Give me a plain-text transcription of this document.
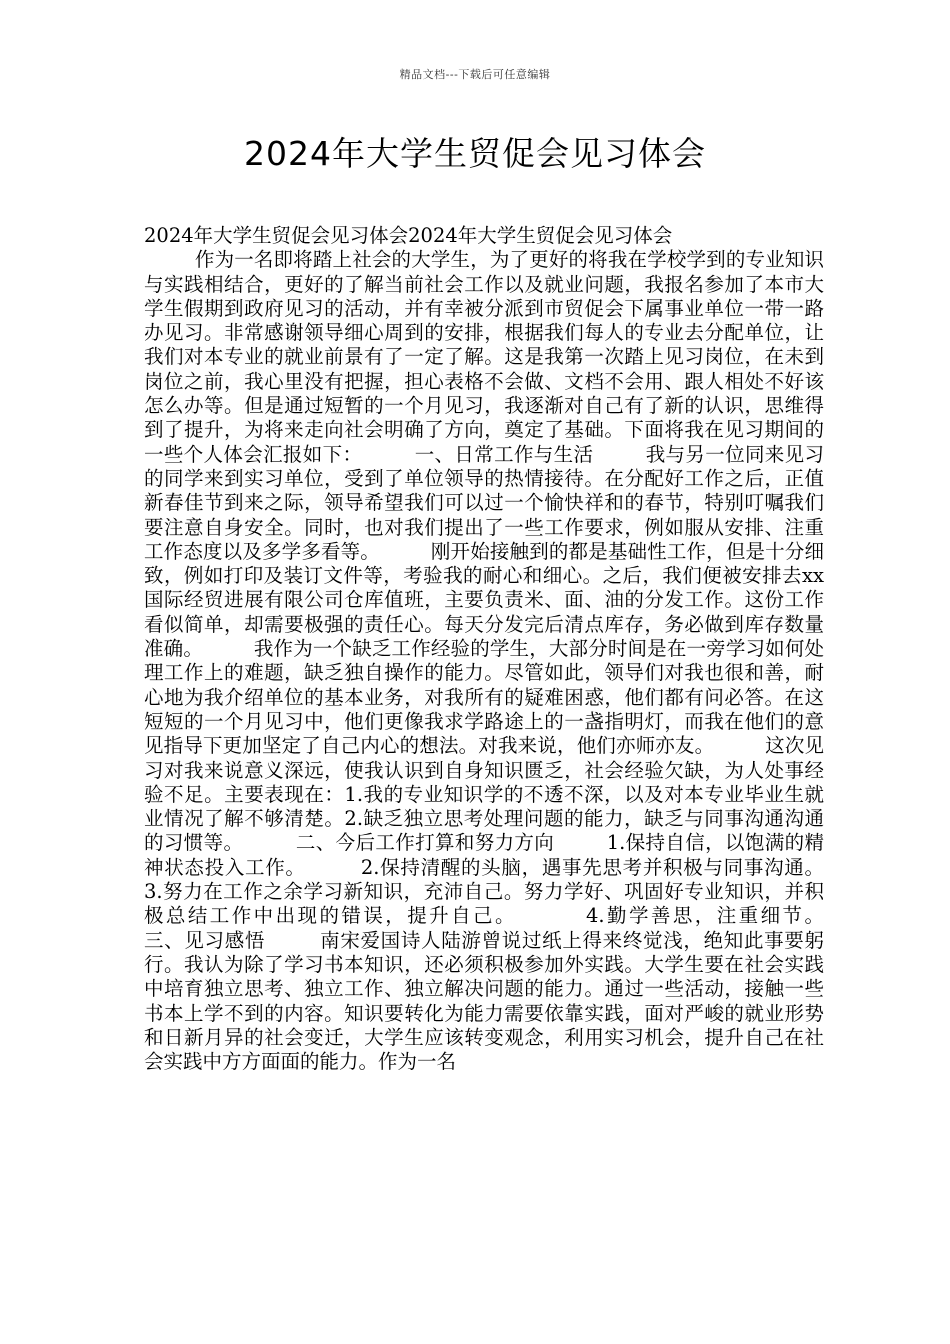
精品文档---下载后可任意编辑
2024年大学生贸促会见习体会

2024年大学生贸促会见习体会2024年大学生贸促会见习体会
作为一名即将踏上社会的大学生，为了更好的将我在学校学到的专业知识与实践相结合，更好的了解当前社会工作以及就业问题，我报名参加了本市大学生假期到政府见习的活动，并有幸被分派到市贸促会下属事业单位一带一路办见习。非常感谢领导细心周到的安排，根据我们每人的专业去分配单位，让我们对本专业的就业前景有了一定了解。这是我第一次踏上见习岗位，在未到岗位之前，我心里没有把握，担心表格不会做、文档不会用、跟人相处不好该怎么办等。但是通过短暂的一个月见习，我逐渐对自己有了新的认识，思维得到了提升，为将来走向社会明确了方向，奠定了基础。下面将我在见习期间的一些个人体会汇报如下：        一、日常工作与生活        我与另一位同来见习的同学来到实习单位，受到了单位领导的热情接待。在分配好工作之后，正值新春佳节到来之际，领导希望我们可以过一个愉快祥和的春节，特别叮嘱我们要注意自身安全。同时，也对我们提出了一些工作要求，例如服从安排、注重工作态度以及多学多看等。        刚开始接触到的都是基础性工作，但是十分细致，例如打印及装订文件等，考验我的耐心和细心。之后，我们便被安排去xx国际经贸进展有限公司仓库值班，主要负责米、面、油的分发工作。这份工作看似简单，却需要极强的责任心。每天分发完后清点库存，务必做到库存数量准确。        我作为一个缺乏工作经验的学生，大部分时间是在一旁学习如何处理工作上的难题，缺乏独自操作的能力。尽管如此，领导们对我也很和善，耐心地为我介绍单位的基本业务，对我所有的疑难困惑，他们都有问必答。在这短短的一个月见习中，他们更像我求学路途上的一盏指明灯，而我在他们的意见指导下更加坚定了自己内心的想法。对我来说，他们亦师亦友。        这次见习对我来说意义深远，使我认识到自身知识匮乏，社会经验欠缺，为人处事经验不足。主要表现在：1.我的专业知识学的不透不深，以及对本专业毕业生就业情况了解不够清楚。2.缺乏独立思考处理问题的能力，缺乏与同事沟通沟通的习惯等。        二、今后工作打算和努力方向        1.保持自信，以饱满的精神状态投入工作。        2.保持清醒的头脑，遇事先思考并积极与同事沟通。        3.努力在工作之余学习新知识，充沛自己。努力学好、巩固好专业知识，并积极总结工作中出现的错误，提升自己。        4.勤学善思，注重细节。        三、见习感悟        南宋爱国诗人陆游曾说过纸上得来终觉浅，绝知此事要躬行。我认为除了学习书本知识，还必须积极参加外实践。大学生要在社会实践中培育独立思考、独立工作、独立解决问题的能力。通过一些活动，接触一些书本上学不到的内容。知识要转化为能力需要依靠实践，面对严峻的就业形势和日新月异的社会变迁，大学生应该转变观念，利用实习机会，提升自己在社会实践中方方面面的能力。作为一名
